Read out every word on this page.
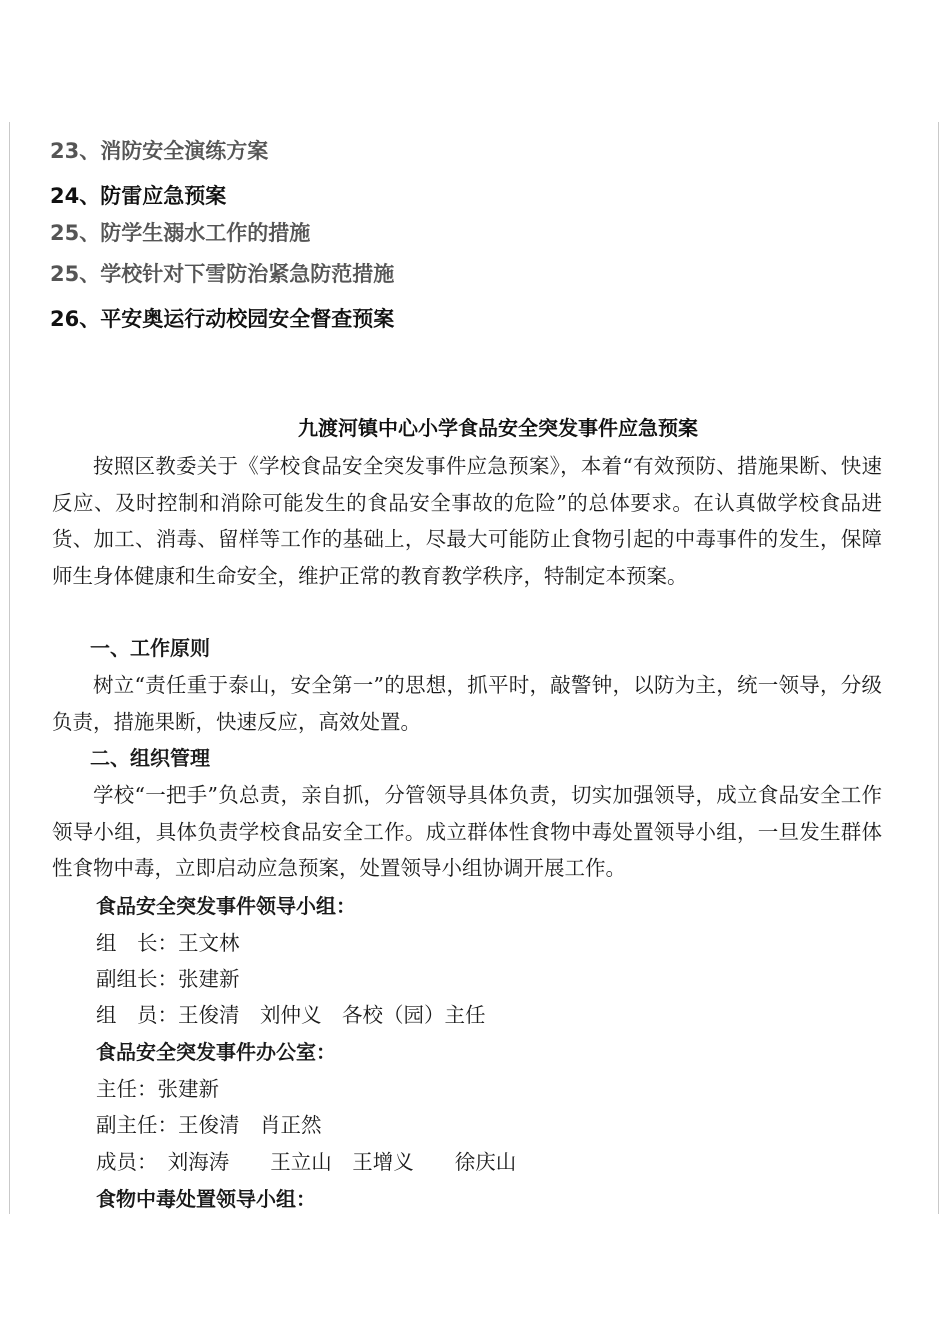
23、消防安全演练方案
24、防雷应急预案
25、防学生溺水工作的措施
25、学校针对下雪防治紧急防范措施
26、平安奥运行动校园安全督查预案
九渡河镇中心小学食品安全突发事件应急预案

按照区教委关于《学校食品安全突发事件应急预案》，本着“有效预防、措施果断、快速反应、及时控制和消除可能发生的食品安全事故的危险”的总体要求。在认真做学校食品进货、加工、消毒、留样等工作的基础上，尽最大可能防止食物引起的中毒事件的发生，保障师生身体健康和生命安全，维护正常的教育教学秩序，特制定本预案。

一、工作原则

树立“责任重于泰山，安全第一”的思想，抓平时，敲警钟，以防为主，统一领导，分级负责，措施果断，快速反应，高效处置。

二、组织管理

学校“一把手”负总责，亲自抓，分管领导具体负责，切实加强领导，成立食品安全工作领导小组，具体负责学校食品安全工作。成立群体性食物中毒处置领导小组，一旦发生群体性食物中毒，立即启动应急预案，处置领导小组协调开展工作。

食品安全突发事件领导小组：
组　长：王文林
副组长：张建新
组　员：王俊清　刘仲义　各校（园）主任
食品安全突发事件办公室：
主任：张建新
副主任：王俊清　肖正然
成员：　刘海涛　　王立山　王增义　　徐庆山
食物中毒处置领导小组：
